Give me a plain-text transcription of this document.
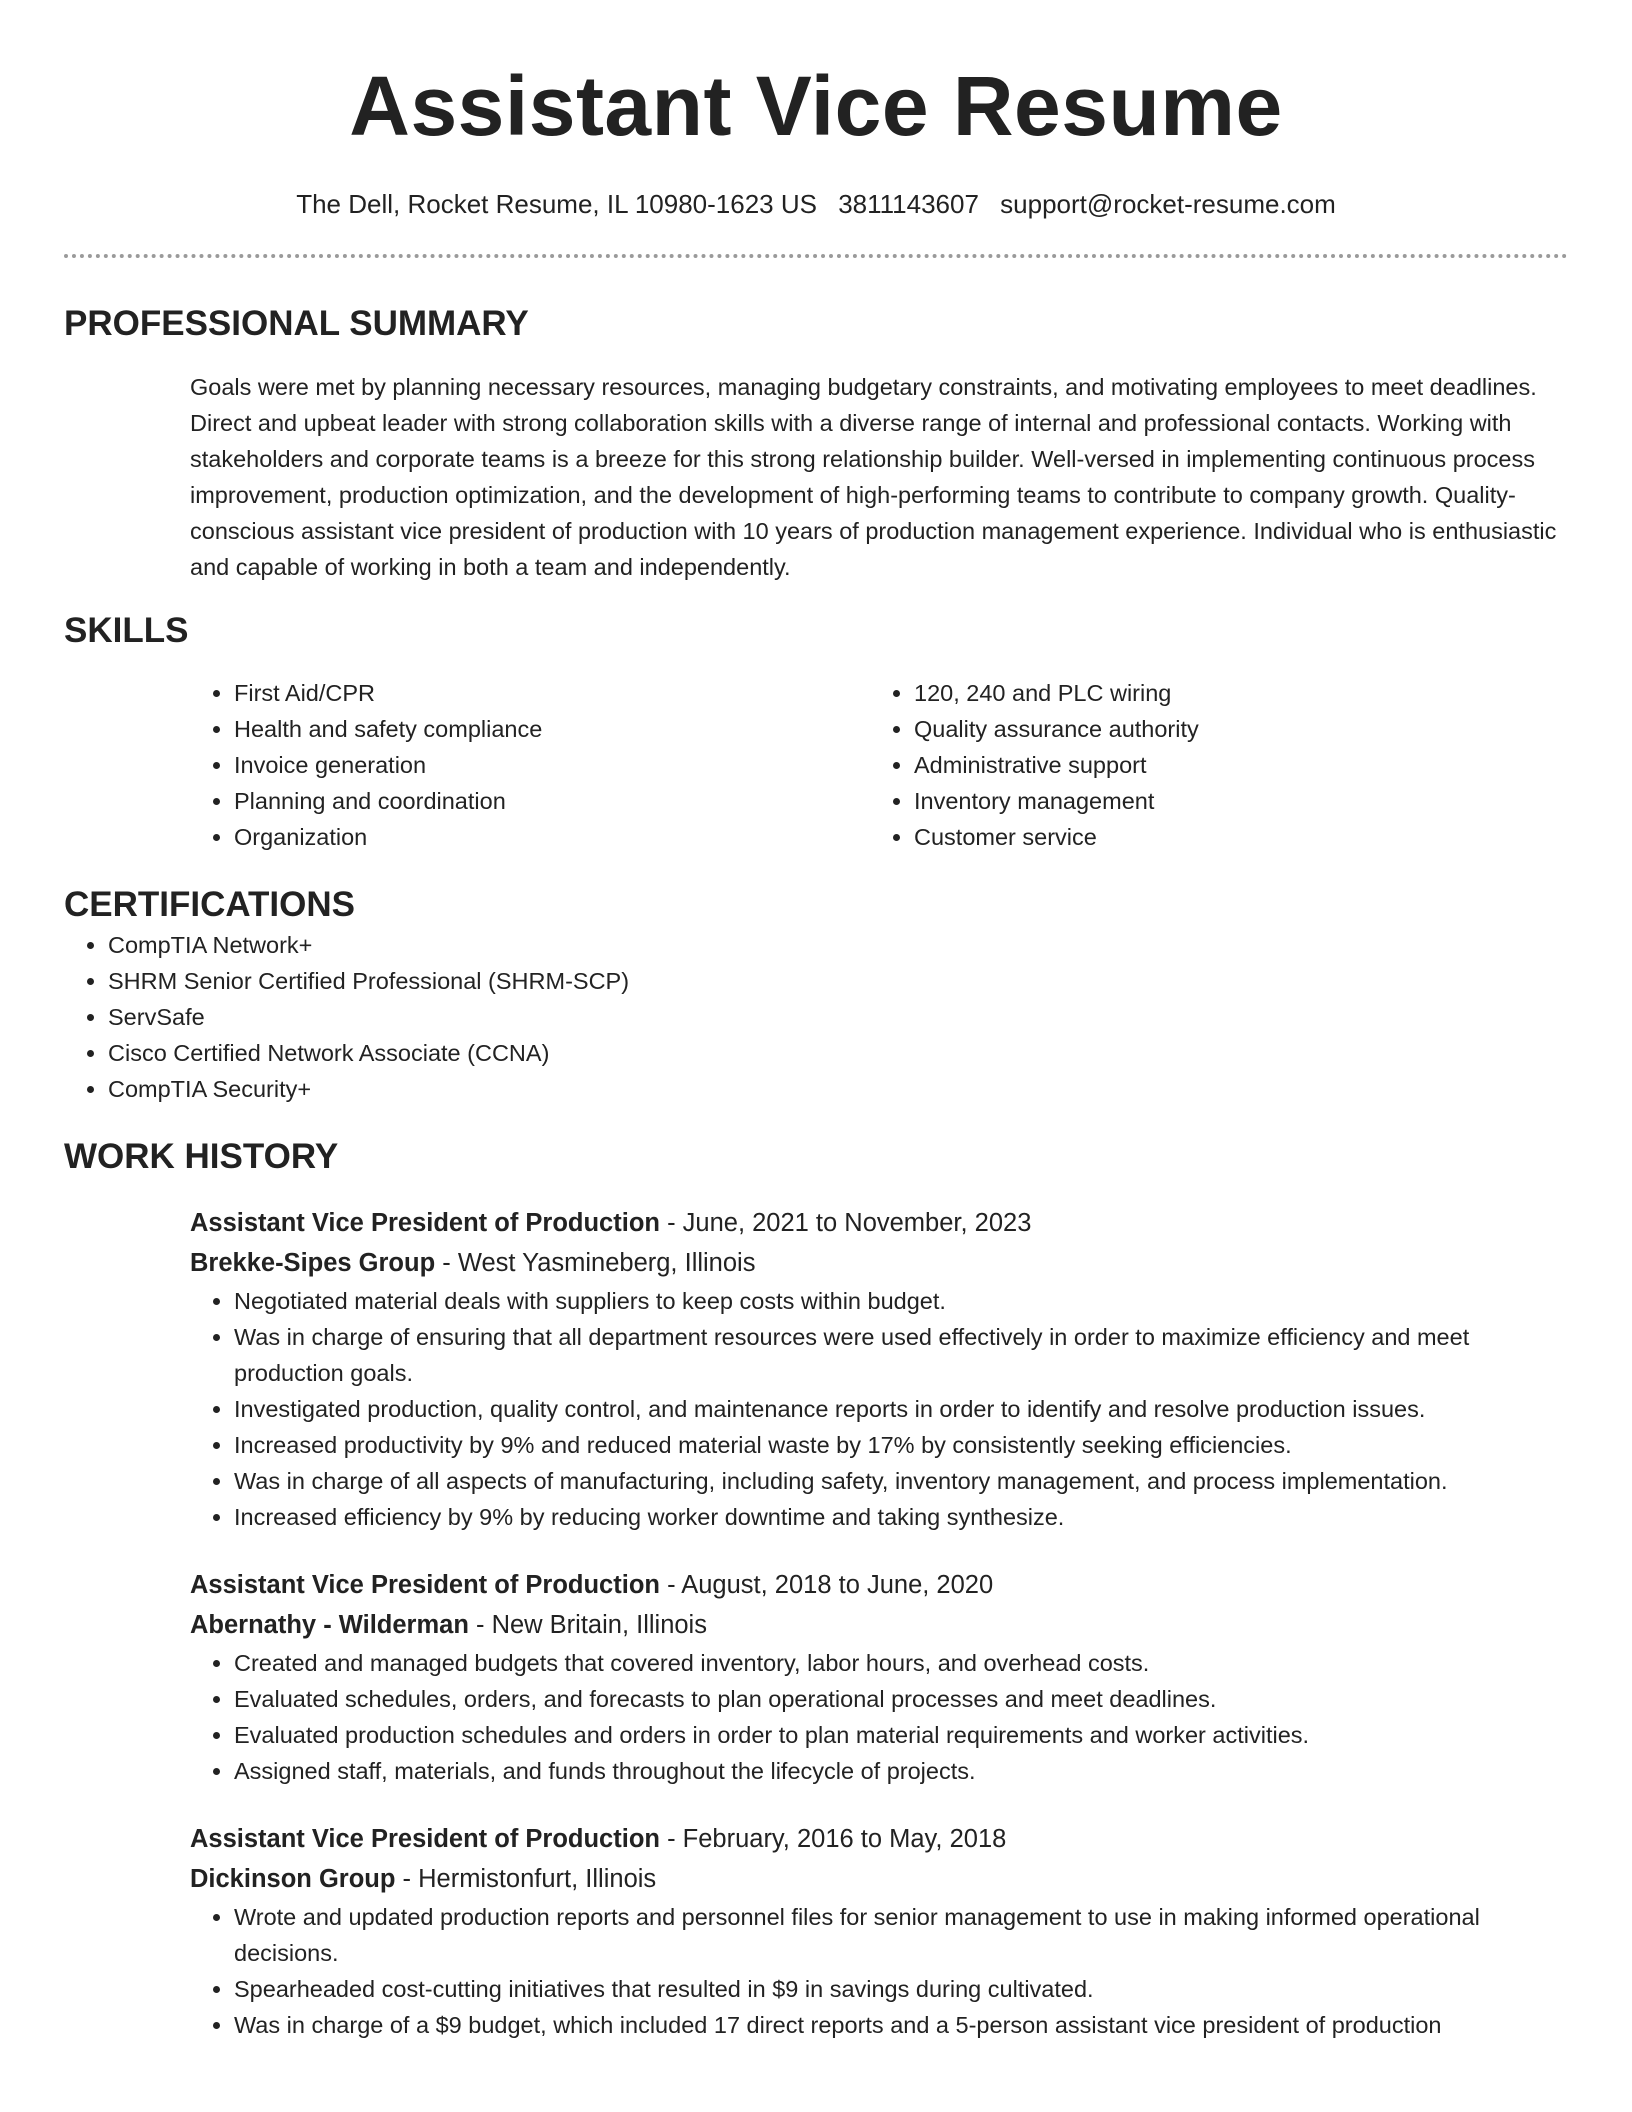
Assistant Vice Resume
The Dell, Rocket Resume, IL 10980-1623 US 3811143607 support@rocket-resume.com
PROFESSIONAL SUMMARY

Goals were met by planning necessary resources, managing budgetary constraints, and motivating employees to meet deadlines. Direct and upbeat leader with strong collaboration skills with a diverse range of internal and professional contacts. Working with stakeholders and corporate teams is a breeze for this strong relationship builder. Well-versed in implementing continuous process improvement, production optimization, and the development of high-performing teams to contribute to company growth. Quality-conscious assistant vice president of production with 10 years of production management experience. Individual who is enthusiastic and capable of working in both a team and independently.

SKILLS
• First Aid/CPR
• Health and safety compliance
• Invoice generation
• Planning and coordination
• Organization
• 120, 240 and PLC wiring
• Quality assurance authority
• Administrative support
• Inventory management
• Customer service
CERTIFICATIONS
• CompTIA Network+
• SHRM Senior Certified Professional (SHRM-SCP)
• ServSafe
• Cisco Certified Network Associate (CCNA)
• CompTIA Security+
WORK HISTORY
Assistant Vice President of Production - June, 2021 to November, 2023
Brekke-Sipes Group - West Yasmineberg, Illinois
• Negotiated material deals with suppliers to keep costs within budget.
• Was in charge of ensuring that all department resources were used effectively in order to maximize efficiency and meet production goals.
• Investigated production, quality control, and maintenance reports in order to identify and resolve production issues.
• Increased productivity by 9% and reduced material waste by 17% by consistently seeking efficiencies.
• Was in charge of all aspects of manufacturing, including safety, inventory management, and process implementation.
• Increased efficiency by 9% by reducing worker downtime and taking synthesize.
Assistant Vice President of Production - August, 2018 to June, 2020
Abernathy - Wilderman - New Britain, Illinois
• Created and managed budgets that covered inventory, labor hours, and overhead costs.
• Evaluated schedules, orders, and forecasts to plan operational processes and meet deadlines.
• Evaluated production schedules and orders in order to plan material requirements and worker activities.
• Assigned staff, materials, and funds throughout the lifecycle of projects.
Assistant Vice President of Production - February, 2016 to May, 2018
Dickinson Group - Hermistonfurt, Illinois
• Wrote and updated production reports and personnel files for senior management to use in making informed operational decisions.
• Spearheaded cost-cutting initiatives that resulted in $9 in savings during cultivated.
• Was in charge of a $9 budget, which included 17 direct reports and a 5-person assistant vice president of production
